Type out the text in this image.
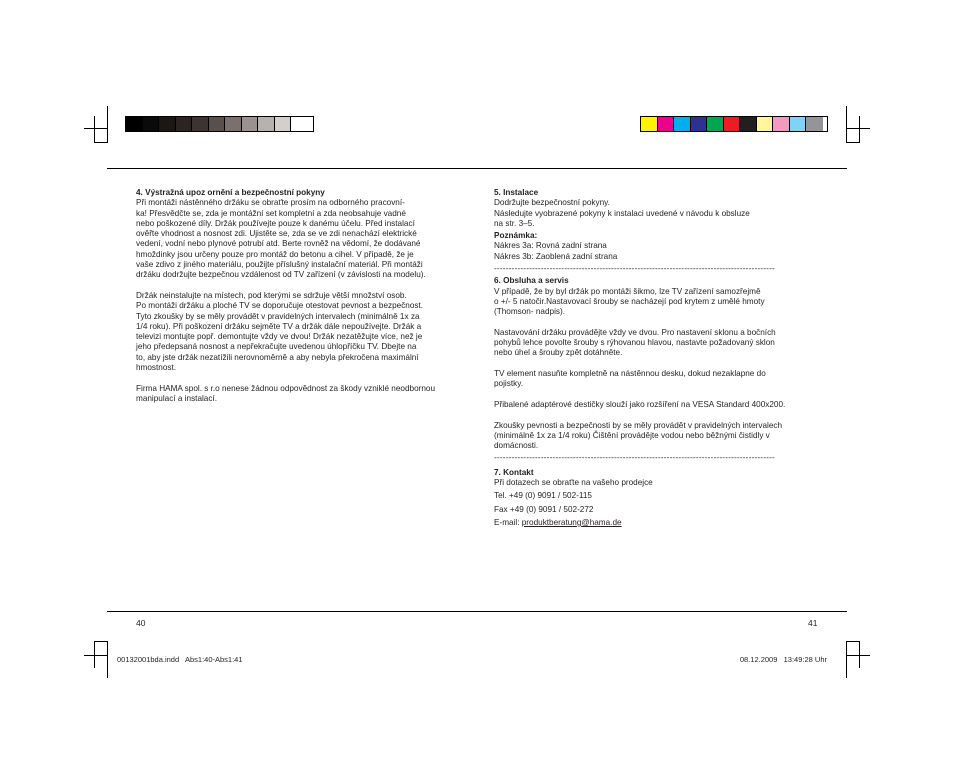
4. Výstražná upoz ornění a bezpečnostní pokyny

Při montáži nástěnného držáku se obraťte prosím na odborného pracovní-

ka! Přesvědčte se, zda je montážní set kompletní a zda neobsahuje vadné

nebo poškozené díly. Držák používejte pouze k danému účelu. Před instalací

ověřte vhodnost a nosnost zdi. Ujistěte se, zda se ve zdi nenachází elektrické

vedení, vodní nebo plynové potrubí atd. Berte rovněž na vědomí, že dodávané

hmoždinky jsou určeny pouze pro montáž do betonu a cihel. V případě, že je

vaše zdivo z jiného materiálu, použijte příslušný instalační materiál. Při montáži

držáku dodržujte bezpečnou vzdálenost od TV zařízení (v závislosti na modelu).

Držák neinstalujte na místech, pod kterými se sdržuje větší množství osob.

Po montáži držáku a ploché TV se doporučuje otestovat pevnost a bezpečnost.

Tyto zkoušky by se měly provádět v pravidelných intervalech (minimálně 1x za

1/4 roku). Při poškození držáku sejměte TV a držák dále nepoužívejte. Držák a

televizi montujte popř. demontujte vždy ve dvou! Držák nezatěžujte více, než je

jeho předepsaná nosnost a nepřekračujte uvedenou úhlopříčku TV. Dbejte na

to, aby jste držák nezatížili nerovnoměrně a aby nebyla překročena maximální

hmostnost.

Firma HAMA spol. s r.o nenese žádnou odpovědnost za škody vzniklé neodbornou

manipulací a instalací.

5. Instalace

Dodržujte bezpečnostní pokyny.

Následujte vyobrazené pokyny k instalaci uvedené v návodu k obsluze

na str. 3–5.

Poznámka:

Nákres 3a: Rovná zadní strana

Nákres 3b: Zaoblená zadní strana

------------------------------------------------------------------------------------------------

6. Obsluha a servis

V případě, že by byl držák po montáži šikmo, lze TV zařízení samozřejmě

o +/- 5 natočir.Nastavovací šrouby se nacházejí pod krytem z umělé hmoty

(Thomson- nadpis).

Nastavování držáku provádějte vždy ve dvou. Pro nastavení sklonu a bočních

pohybů lehce povolte šrouby s rýhovanou hlavou, nastavte požadovaný sklon

nebo úhel a šrouby zpět dotáhněte.

TV element nasuňte kompletně na nástěnnou desku, dokud nezaklapne do

pojistky.

Přibalené adaptérové destičky slouží jako rozšíření na VESA Standard 400x200.

Zkoušky pevnosti a bezpečnosti by se měly provádět v pravidelných intervalech

(minimálně 1x za 1/4 roku) Čištění provádějte vodou nebo běžnými čistidly v

domácnosti.

------------------------------------------------------------------------------------------------

7. Kontakt

Při dotazech se obraťte na vašeho prodejce

Tel. +49 (0) 9091 / 502-115

Fax +49 (0) 9091 / 502-272

E-mail: produktberatung@hama.de

40	41
00132001bda.indd   Abs1:40-Abs1:41	08.12.2009   13:49:28 Uhr
